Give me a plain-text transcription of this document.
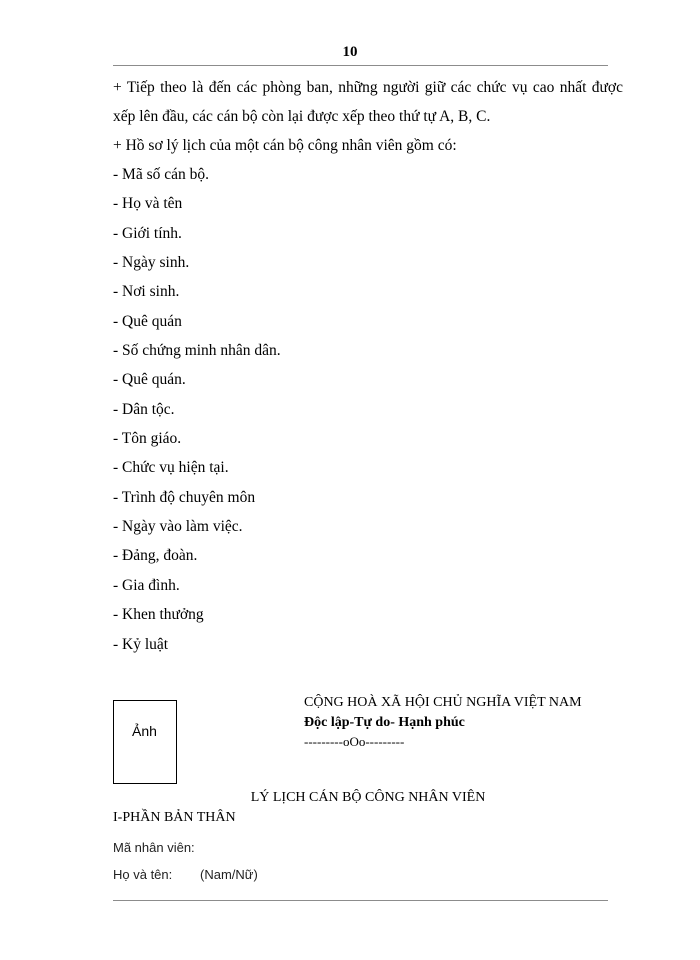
10
+ Tiếp theo là đến các phòng ban, những người giữ các chức vụ cao nhất được xếp lên đầu, các cán bộ còn lại được xếp theo thứ tự A, B, C.
+ Hồ sơ lý lịch của một cán bộ công nhân viên gồm có:
- Mã số cán bộ.
- Họ và tên
- Giới tính.
- Ngày sinh.
- Nơi sinh.
- Quê quán
- Số chứng minh nhân dân.
- Quê quán.
- Dân tộc.
- Tôn giáo.
- Chức vụ hiện tại.
- Trình độ chuyên môn
- Ngày vào làm việc.
- Đảng, đoàn.
- Gia đình.
- Khen thưởng
- Kỷ luật
Ảnh
CỘNG HOÀ XÃ HỘI CHỦ NGHĨA VIỆT NAM
Độc lập-Tự do- Hạnh phúc
---------oOo---------
LÝ LỊCH CÁN BỘ CÔNG NHÂN VIÊN
I-PHẦN BẢN THÂN
Mã nhân viên:
Họ và tên: (Nam/Nữ)
